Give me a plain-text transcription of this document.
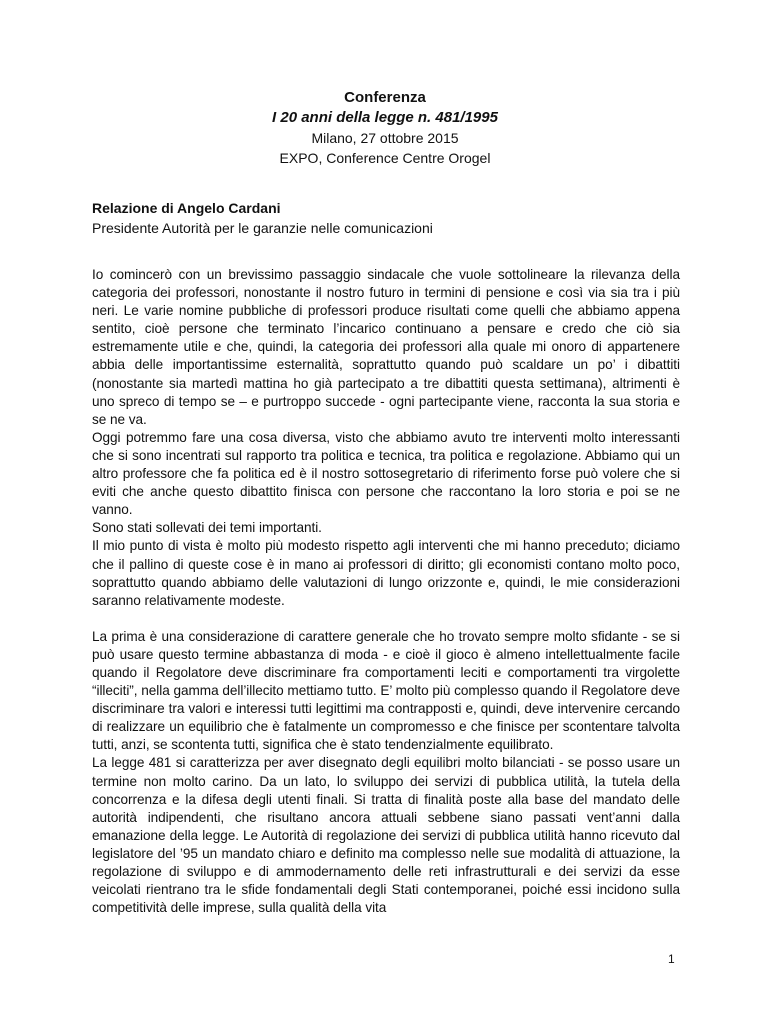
Conferenza
I 20 anni della legge n. 481/1995
Milano, 27 ottobre 2015
EXPO, Conference Centre Orogel
Relazione di Angelo Cardani
Presidente Autorità per le garanzie nelle comunicazioni

Io comincerò con un brevissimo passaggio sindacale che vuole sottolineare la rilevanza della categoria dei professori, nonostante il nostro futuro in termini di pensione e così via sia tra i più neri. Le varie nomine pubbliche di professori produce risultati come quelli che abbiamo appena sentito, cioè persone che terminato l’incarico continuano a pensare e credo che ciò sia estremamente utile e che, quindi, la categoria dei professori alla quale mi onoro di appartenere abbia delle importantissime esternalità, soprattutto quando può scaldare un po’ i dibattiti (nonostante sia martedì mattina ho già partecipato a tre dibattiti questa settimana), altrimenti è uno spreco di tempo se – e purtroppo succede - ogni partecipante viene, racconta la sua storia e se ne va.

Oggi potremmo fare una cosa diversa, visto che abbiamo avuto tre interventi molto interessanti che si sono incentrati sul rapporto tra politica e tecnica, tra politica e regolazione. Abbiamo qui un altro professore che fa politica ed è il nostro sottosegretario di riferimento forse può volere che si eviti che anche questo dibattito finisca con persone che raccontano la loro storia e poi se ne vanno.

Sono stati sollevati dei temi importanti.

Il mio punto di vista è molto più modesto rispetto agli interventi che mi hanno preceduto; diciamo che il pallino di queste cose è in mano ai professori di diritto; gli economisti contano molto poco, soprattutto quando abbiamo delle valutazioni di lungo orizzonte e, quindi, le mie considerazioni saranno relativamente modeste.

La prima è una considerazione di carattere generale che ho trovato sempre molto sfidante - se si può usare questo termine abbastanza di moda - e cioè il gioco è almeno intellettualmente facile quando il Regolatore deve discriminare fra comportamenti leciti e comportamenti tra virgolette “illeciti”, nella gamma dell’illecito mettiamo tutto. E’ molto più complesso quando il Regolatore deve discriminare tra valori e interessi tutti legittimi ma contrapposti e, quindi, deve intervenire cercando di realizzare un equilibrio che è fatalmente un compromesso e che finisce per scontentare talvolta tutti, anzi, se scontenta tutti, significa che è stato tendenzialmente equilibrato.

La legge 481 si caratterizza per aver disegnato degli equilibri molto bilanciati - se posso usare un termine non molto carino. Da un lato, lo sviluppo dei servizi di pubblica utilità, la tutela della concorrenza e la difesa degli utenti finali. Si tratta di finalità poste alla base del mandato delle autorità indipendenti, che risultano ancora attuali sebbene siano passati vent’anni dalla emanazione della legge. Le Autorità di regolazione dei servizi di pubblica utilità hanno ricevuto dal legislatore del ’95 un mandato chiaro e definito ma complesso nelle sue modalità di attuazione, la regolazione di sviluppo e di ammodernamento delle reti infrastrutturali e dei servizi da esse veicolati rientrano tra le sfide fondamentali degli Stati contemporanei, poiché essi incidono sulla competitività delle imprese, sulla qualità della vita

1
